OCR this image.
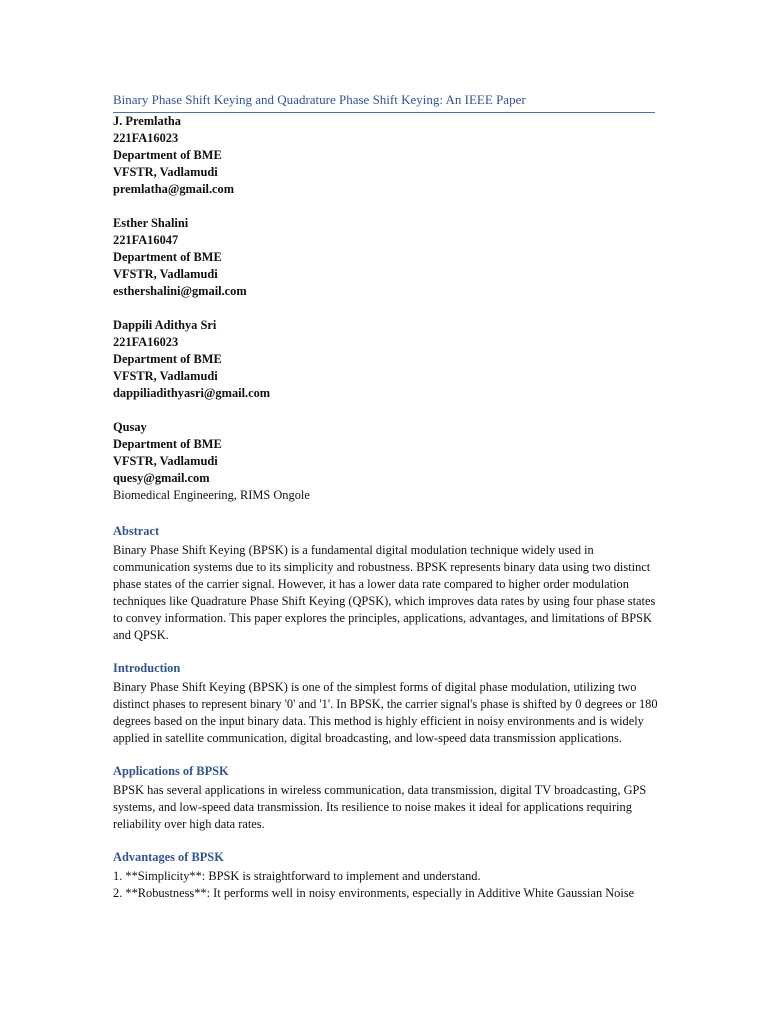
Binary Phase Shift Keying and Quadrature Phase Shift Keying: An IEEE Paper
J. Premlatha
221FA16023
Department of BME
VFSTR, Vadlamudi
premlatha@gmail.com
Esther Shalini
221FA16047
Department of BME
VFSTR, Vadlamudi
esthershalini@gmail.com
Dappili Adithya Sri
221FA16023
Department of BME
VFSTR, Vadlamudi
dappiliadithyasri@gmail.com
Qusay
Department of BME
VFSTR, Vadlamudi
quesy@gmail.com
Biomedical Engineering, RIMS Ongole
Abstract

Binary Phase Shift Keying (BPSK) is a fundamental digital modulation technique widely used in communication systems due to its simplicity and robustness. BPSK represents binary data using two distinct phase states of the carrier signal. However, it has a lower data rate compared to higher order modulation techniques like Quadrature Phase Shift Keying (QPSK), which improves data rates by using four phase states to convey information. This paper explores the principles, applications, advantages, and limitations of BPSK and QPSK.

Introduction

Binary Phase Shift Keying (BPSK) is one of the simplest forms of digital phase modulation, utilizing two distinct phases to represent binary '0' and '1'. In BPSK, the carrier signal's phase is shifted by 0 degrees or 180 degrees based on the input binary data. This method is highly efficient in noisy environments and is widely applied in satellite communication, digital broadcasting, and low-speed data transmission applications.

Applications of BPSK

BPSK has several applications in wireless communication, data transmission, digital TV broadcasting, GPS systems, and low-speed data transmission. Its resilience to noise makes it ideal for applications requiring reliability over high data rates.

Advantages of BPSK
1. **Simplicity**: BPSK is straightforward to implement and understand.
2. **Robustness**: It performs well in noisy environments, especially in Additive White Gaussian Noise
